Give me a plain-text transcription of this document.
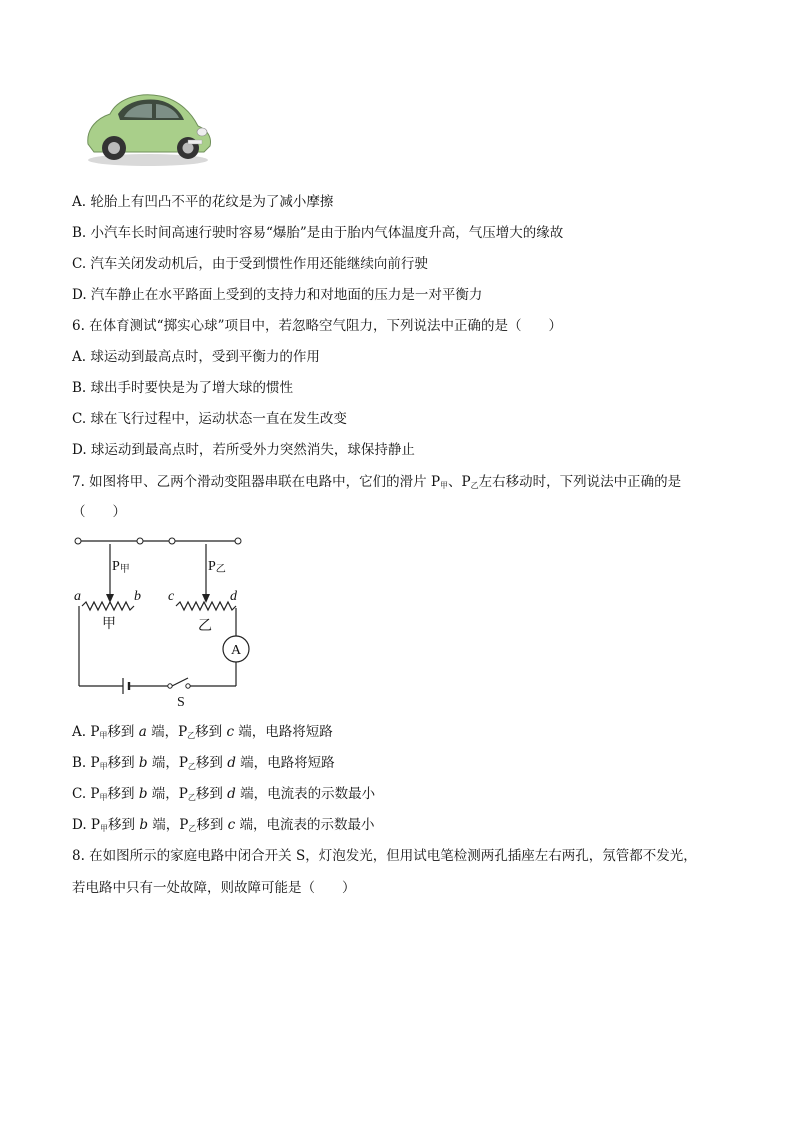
A. 轮胎上有凹凸不平的花纹是为了减小摩擦
B. 小汽车长时间高速行驶时容易“爆胎”是由于胎内气体温度升高，气压增大的缘故
C. 汽车关闭发动机后，由于受到惯性作用还能继续向前行驶
D. 汽车静止在水平路面上受到的支持力和对地面的压力是一对平衡力
6. 在体育测试“掷实心球”项目中，若忽略空气阻力，下列说法中正确的是（　　）
A. 球运动到最高点时，受到平衡力的作用
B. 球出手时要快是为了增大球的惯性
C. 球在飞行过程中，运动状态一直在发生改变
D. 球运动到最高点时，若所受外力突然消失，球保持静止
7. 如图将甲、乙两个滑动变阻器串联在电路中，它们的滑片 $P_甲$、$P_乙$左右移动时，下列说法中正确的是
（　　）
P甲	P乙
a	b c	d
甲	乙
A
S
A. $P_甲$移到 a 端，$P_乙$移到 c 端，电路将短路
B. $P_甲$移到 b 端，$P_乙$移到 d 端，电路将短路
C. $P_甲$移到 b 端，$P_乙$移到 d 端，电流表的示数最小
D. $P_甲$移到 b 端，$P_乙$移到 c 端，电流表的示数最小
8. 在如图所示的家庭电路中闭合开关 S，灯泡发光，但用试电笔检测两孔插座左右两孔，氖管都不发光，
若电路中只有一处故障，则故障可能是（　　）
